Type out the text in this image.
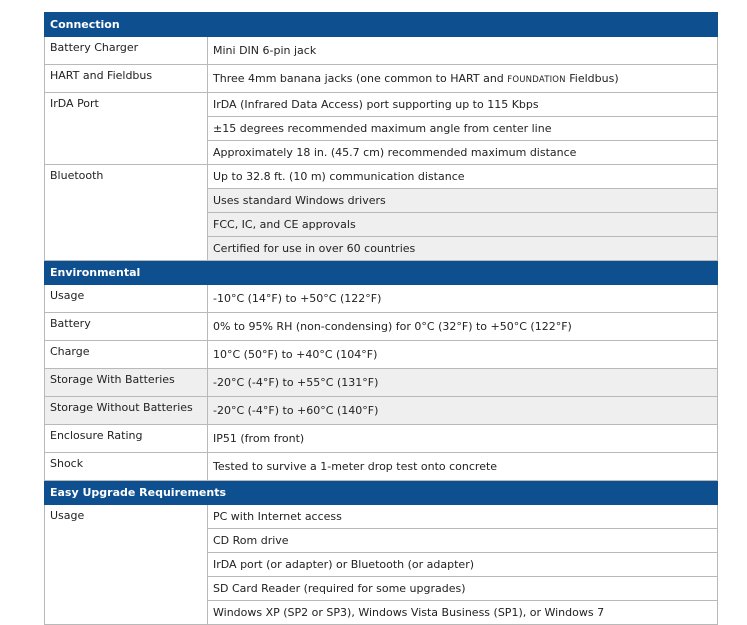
Connection	
Battery Charger	Mini DIN 6-pin jack
HART and Fieldbus	Three 4mm banana jacks (one common to HART and FOUNDATION Fieldbus)
IrDA Port	IrDA (Infrared Data Access) port supporting up to 115 Kbps
	±15 degrees recommended maximum angle from center line
	Approximately 18 in. (45.7 cm) recommended maximum distance
Bluetooth	Up to 32.8 ft. (10 m) communication distance
	Uses standard Windows drivers
	FCC, IC, and CE approvals
	Certified for use in over 60 countries
Environmental	
Usage	-10°C (14°F) to +50°C (122°F)
Battery	0% to 95% RH (non-condensing) for 0°C (32°F) to +50°C (122°F)
Charge	10°C (50°F) to +40°C (104°F)
Storage With Batteries	-20°C (-4°F) to +55°C (131°F)
Storage Without Batteries	-20°C (-4°F) to +60°C (140°F)
Enclosure Rating	IP51 (from front)
Shock	Tested to survive a 1-meter drop test onto concrete
Easy Upgrade Requirements	
Usage	PC with Internet access
	CD Rom drive
	IrDA port (or adapter) or Bluetooth (or adapter)
	SD Card Reader (required for some upgrades)
	Windows XP (SP2 or SP3), Windows Vista Business (SP1), or Windows 7
